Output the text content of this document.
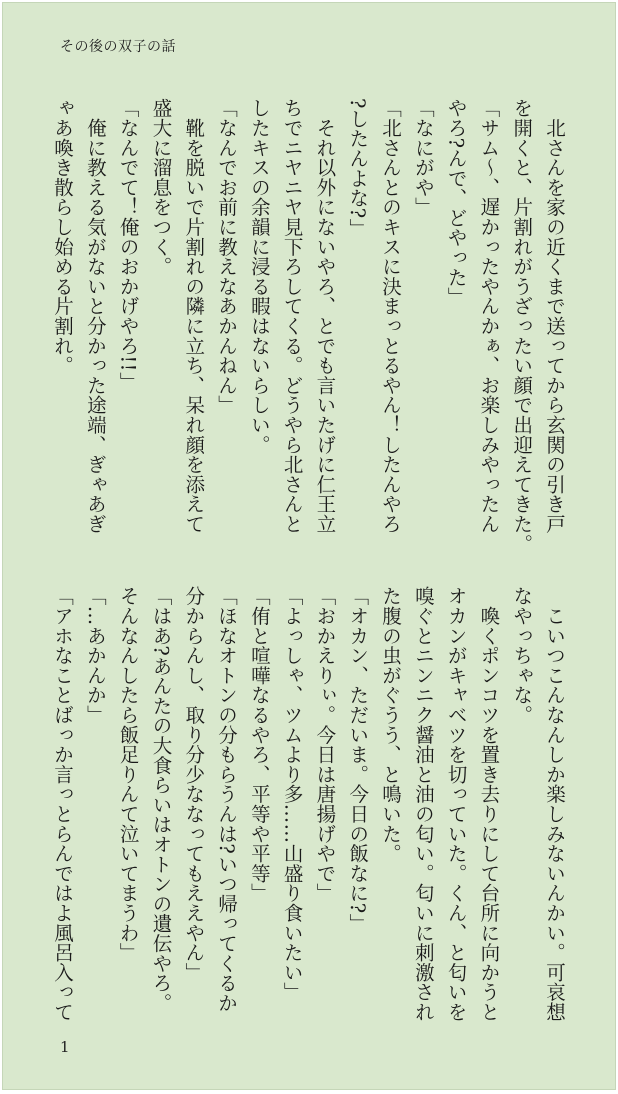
その後の双子の話

　北さんを家の近くまで送ってから玄関の引き戸

を開くと、片割れがうざったい顔で出迎えてきた。

「サム～、遅かったやんかぁ、お楽しみやったん

やろ?んで、どやった」

「なにがや」

「北さんとのキスに決まっとるやん！したんやろ

?したんよな?」

　それ以外にないやろ、とでも言いたげに仁王立

ちでニヤニヤ見下ろしてくる。どうやら北さんと

したキスの余韻に浸る暇はないらしい。

「なんでお前に教えなあかんねん」

　靴を脱いで片割れの隣に立ち、呆れ顔を添えて

盛大に溜息をつく。

「なんでて！俺のおかげやろ!!」

　俺に教える気がないと分かった途端、ぎゃあぎ

ゃあ喚き散らし始める片割れ。

　こいつこんなんしか楽しみないんかい。可哀想

なやっちゃな。

　喚くポンコツを置き去りにして台所に向かうと

オカンがキャベツを切っていた。くん、と匂いを

嗅ぐとニンニク醤油と油の匂い。匂いに刺激され

た腹の虫がぐうう、と鳴いた。

「オカン、ただいま。今日の飯なに?」

「おかえりぃ。今日は唐揚げやで」

「よっしゃ、ツムより多……山盛り食いたい」

「侑と喧嘩なるやろ、平等や平等」

「ほなオトンの分もらうんは?いつ帰ってくるか

分からんし、取り分少ななってもええやん」

「はあ?あんたの大食らいはオトンの遺伝やろ。

そんなんしたら飯足りんて泣いてまうわ」

「…あかんか」

「アホなことばっか言っとらんではよ風呂入って

1
